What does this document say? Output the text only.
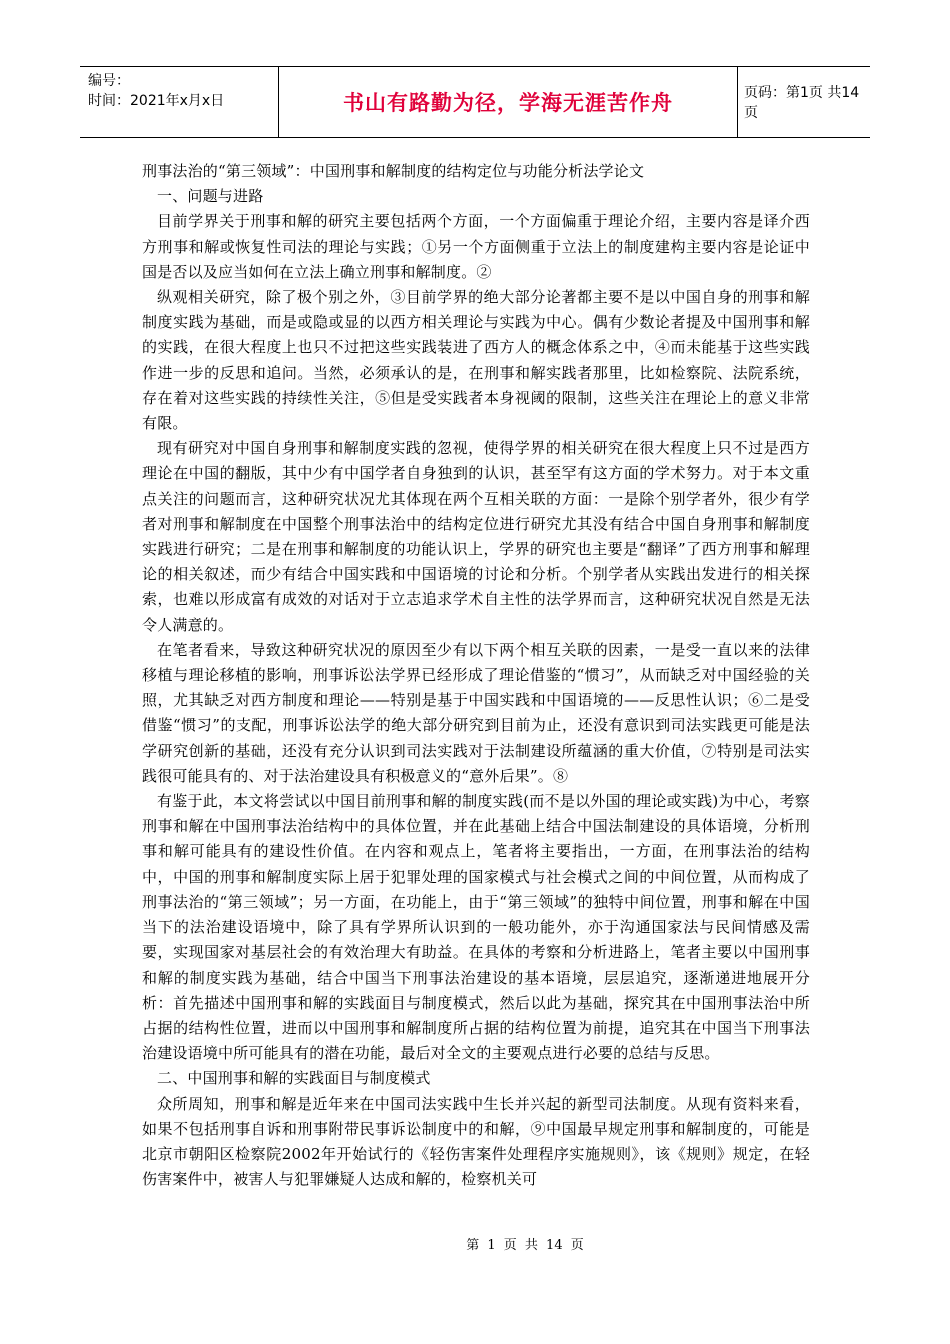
编号：
时间：2021年x月x日	书山有路勤为径，学海无涯苦作舟	页码：第1页 共14页

刑事法治的“第三领域”：中国刑事和解制度的结构定位与功能分析法学论文

一、问题与进路

目前学界关于刑事和解的研究主要包括两个方面，一个方面偏重于理论介绍，主要内容是译介西方刑事和解或恢复性司法的理论与实践；①另一个方面侧重于立法上的制度建构主要内容是论证中国是否以及应当如何在立法上确立刑事和解制度。②

纵观相关研究，除了极个别之外，③目前学界的绝大部分论著都主要不是以中国自身的刑事和解制度实践为基础，而是或隐或显的以西方相关理论与实践为中心。偶有少数论者提及中国刑事和解的实践，在很大程度上也只不过把这些实践装进了西方人的概念体系之中，④而未能基于这些实践作进一步的反思和追问。当然，必须承认的是，在刑事和解实践者那里，比如检察院、法院系统，存在着对这些实践的持续性关注，⑤但是受实践者本身视阈的限制，这些关注在理论上的意义非常有限。

现有研究对中国自身刑事和解制度实践的忽视，使得学界的相关研究在很大程度上只不过是西方理论在中国的翻版，其中少有中国学者自身独到的认识，甚至罕有这方面的学术努力。对于本文重点关注的问题而言，这种研究状况尤其体现在两个互相关联的方面：一是除个别学者外，很少有学者对刑事和解制度在中国整个刑事法治中的结构定位进行研究尤其没有结合中国自身刑事和解制度实践进行研究；二是在刑事和解制度的功能认识上，学界的研究也主要是“翻译”了西方刑事和解理论的相关叙述，而少有结合中国实践和中国语境的讨论和分析。个别学者从实践出发进行的相关探索，也难以形成富有成效的对话对于立志追求学术自主性的法学界而言，这种研究状况自然是无法令人满意的。

在笔者看来，导致这种研究状况的原因至少有以下两个相互关联的因素，一是受一直以来的法律移植与理论移植的影响，刑事诉讼法学界已经形成了理论借鉴的“惯习”，从而缺乏对中国经验的关照，尤其缺乏对西方制度和理论——特别是基于中国实践和中国语境的——反思性认识；⑥二是受借鉴“惯习”的支配，刑事诉讼法学的绝大部分研究到目前为止，还没有意识到司法实践更可能是法学研究创新的基础，还没有充分认识到司法实践对于法制建设所蕴涵的重大价值，⑦特别是司法实践很可能具有的、对于法治建设具有积极意义的“意外后果”。⑧

有鉴于此，本文将尝试以中国目前刑事和解的制度实践(而不是以外国的理论或实践)为中心，考察刑事和解在中国刑事法治结构中的具体位置，并在此基础上结合中国法制建设的具体语境，分析刑事和解可能具有的建设性价值。在内容和观点上，笔者将主要指出，一方面，在刑事法治的结构中，中国的刑事和解制度实际上居于犯罪处理的国家模式与社会模式之间的中间位置，从而构成了刑事法治的“第三领域”；另一方面，在功能上，由于“第三领域”的独特中间位置，刑事和解在中国当下的法治建设语境中，除了具有学界所认识到的一般功能外，亦于沟通国家法与民间情感及需要，实现国家对基层社会的有效治理大有助益。在具体的考察和分析进路上，笔者主要以中国刑事和解的制度实践为基础，结合中国当下刑事法治建设的基本语境，层层追究，逐渐递进地展开分析：首先描述中国刑事和解的实践面目与制度模式，然后以此为基础，探究其在中国刑事法治中所占据的结构性位置，进而以中国刑事和解制度所占据的结构位置为前提，追究其在中国当下刑事法治建设语境中所可能具有的潜在功能，最后对全文的主要观点进行必要的总结与反思。

二、中国刑事和解的实践面目与制度模式

众所周知，刑事和解是近年来在中国司法实践中生长并兴起的新型司法制度。从现有资料来看，如果不包括刑事自诉和刑事附带民事诉讼制度中的和解，⑨中国最早规定刑事和解制度的，可能是北京市朝阳区检察院2002年开始试行的《轻伤害案件处理程序实施规则》，该《规则》规定，在轻伤害案件中，被害人与犯罪嫌疑人达成和解的，检察机关可

第 1 页 共 14 页
